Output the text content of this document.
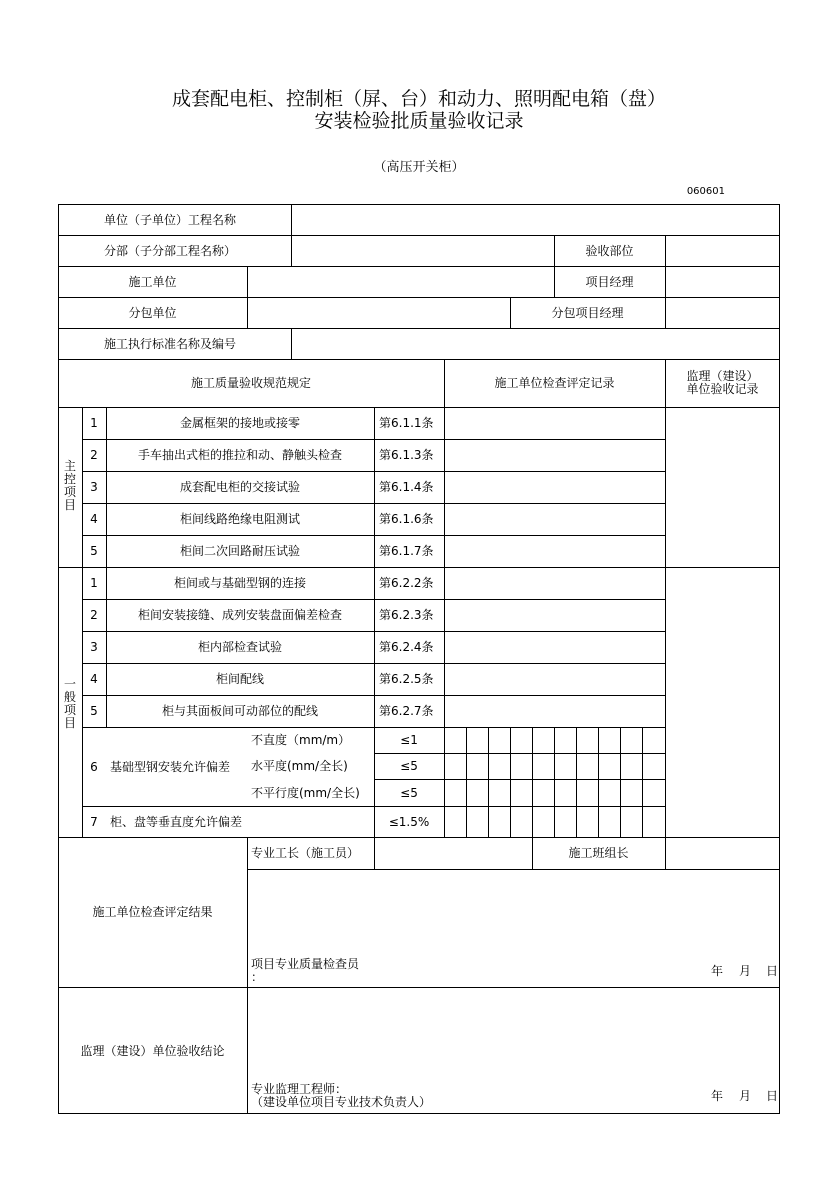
成套配电柜、控制柜（屏、台）和动力、照明配电箱（盘）
安装检验批质量验收记录
（高压开关柜）
060601
单位（子单位）工程名称
分部（子分部工程名称）	验收部位
施工单位	项目经理
分包单位	分包项目经理
施工执行标准名称及编号
施工质量验收规范规定	施工单位检查评定记录	监理（建设）
单位验收记录
主控项目
一般项目
1	金属框架的接地或接零	第6.1.1条
2	手车抽出式柜的推拉和动、静触头检查	第6.1.3条
3	成套配电柜的交接试验	第6.1.4条
4	柜间线路绝缘电阻测试	第6.1.6条
5	柜间二次回路耐压试验	第6.1.7条
1	柜间或与基础型钢的连接	第6.2.2条
2	柜间安装接缝、成列安装盘面偏差检查	第6.2.3条
3	柜内部检查试验	第6.2.4条
4	柜间配线	第6.2.5条
5	柜与其面板间可动部位的配线	第6.2.7条
6	基础型钢安装允许偏差
不直度（mm/m）	≤1
水平度(mm/全长)	≤5
不平行度(mm/全长)	≤5
7	柜、盘等垂直度允许偏差	≤1.5%
专业工长（施工员）	施工班组长
施工单位检查评定结果
项目专业质量检查员
：	年 月 日
监理（建设）单位验收结论
专业监理工程师：
（建设单位项目专业技术负责人）	年 月 日
